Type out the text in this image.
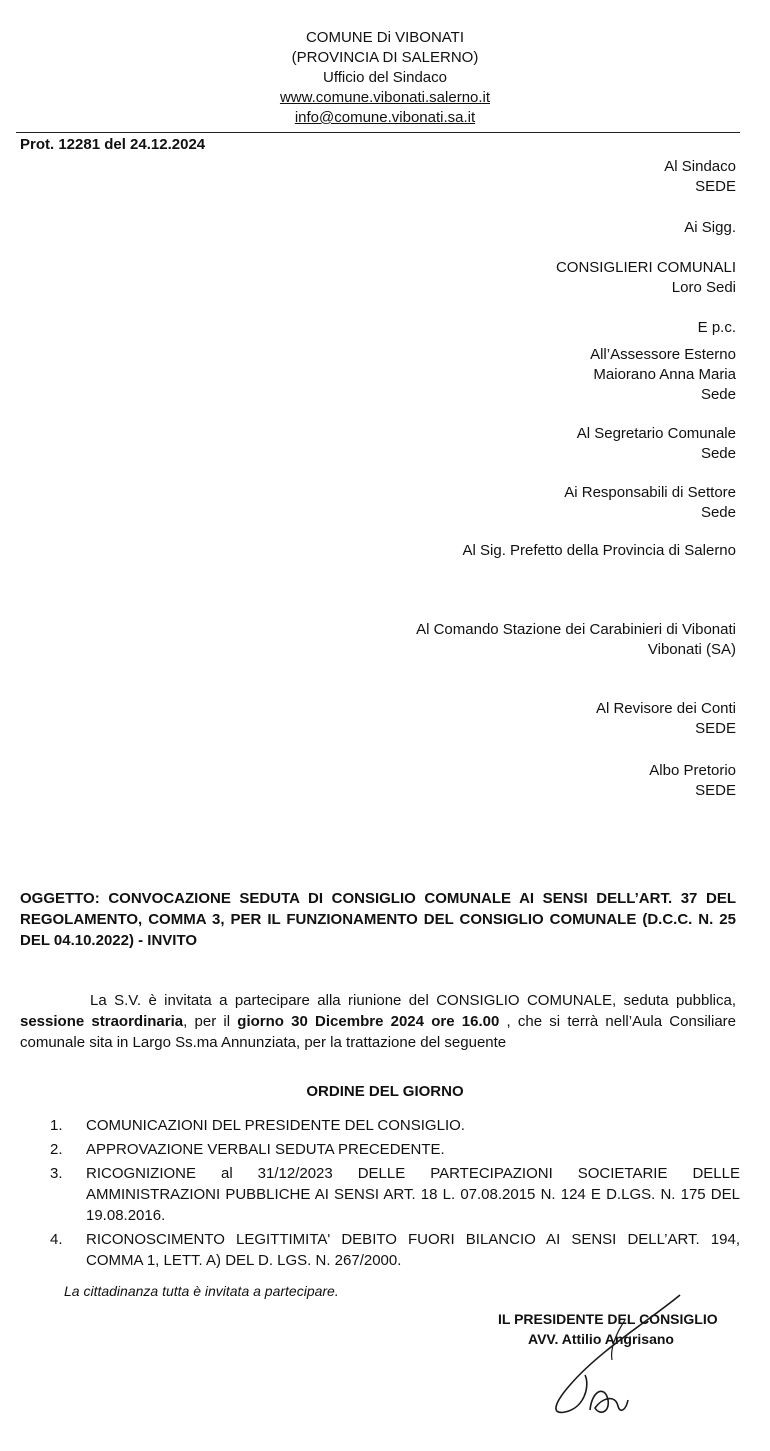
COMUNE Di VIBONATI
(PROVINCIA DI SALERNO)
Ufficio del Sindaco
www.comune.vibonati.salerno.it
info@comune.vibonati.sa.it
Prot. 12281 del 24.12.2024
Al Sindaco
SEDE
Ai Sigg.
CONSIGLIERI COMUNALI
Loro Sedi
E p.c.
All’Assessore Esterno
Maiorano Anna Maria
Sede
Al Segretario Comunale
Sede
Ai Responsabili di Settore
Sede
Al Sig. Prefetto della Provincia di Salerno
Al Comando Stazione dei Carabinieri di Vibonati
Vibonati (SA)
Al Revisore dei Conti
SEDE
Albo Pretorio
SEDE
OGGETTO: CONVOCAZIONE SEDUTA DI CONSIGLIO COMUNALE AI SENSI DELL’ART. 37 DEL REGOLAMENTO, COMMA 3, PER IL FUNZIONAMENTO DEL CONSIGLIO COMUNALE (D.C.C. N. 25 DEL 04.10.2022) - INVITO
La S.V. è invitata a partecipare alla riunione del CONSIGLIO COMUNALE, seduta pubblica, sessione straordinaria, per il giorno 30 Dicembre 2024 ore 16.00 , che si terrà nell’Aula Consiliare comunale sita in Largo Ss.ma Annunziata, per la trattazione del seguente
ORDINE DEL GIORNO
1.	COMUNICAZIONI DEL PRESIDENTE DEL CONSIGLIO.
2.	APPROVAZIONE VERBALI SEDUTA PRECEDENTE.
3.	RICOGNIZIONE al 31/12/2023 DELLE PARTECIPAZIONI SOCIETARIE DELLE AMMINISTRAZIONI PUBBLICHE AI SENSI ART. 18 L. 07.08.2015 N. 124 E D.LGS. N. 175 DEL 19.08.2016.
4.	RICONOSCIMENTO LEGITTIMITA' DEBITO FUORI BILANCIO AI SENSI DELL’ART. 194, COMMA 1, LETT. A) DEL D. LGS. N. 267/2000.
La cittadinanza tutta è invitata a partecipare.
IL PRESIDENTE DEL CONSIGLIO
AVV. Attilio Angrisano
